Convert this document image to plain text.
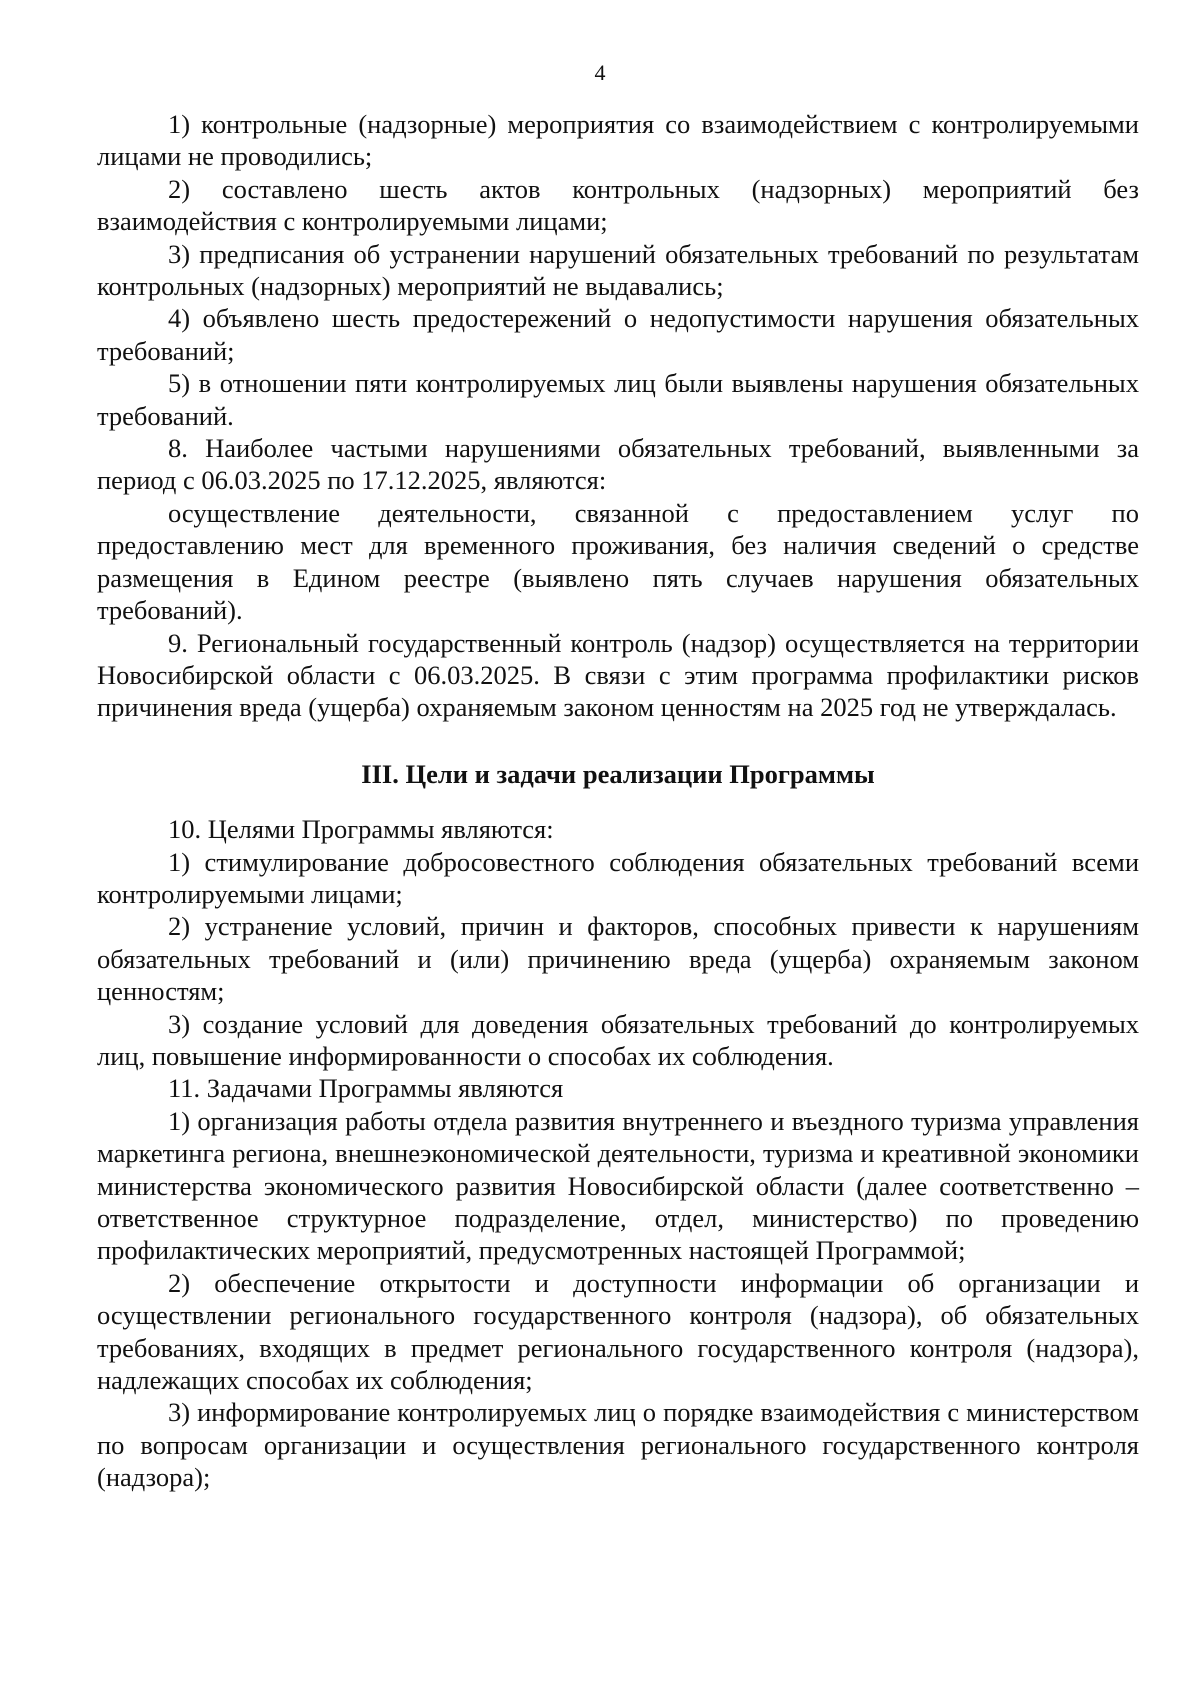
4

1) контрольные (надзорные) мероприятия со взаимодействием с контролируемыми лицами не проводились;

2) составлено шесть актов контрольных (надзорных) мероприятий без взаимодействия с контролируемыми лицами;

3) предписания об устранении нарушений обязательных требований по результатам контрольных (надзорных) мероприятий не выдавались;

4) объявлено шесть предостережений о недопустимости нарушения обязательных требований;

5) в отношении пяти контролируемых лиц были выявлены нарушения обязательных требований.

8. Наиболее частыми нарушениями обязательных требований, выявленными за период с 06.03.2025 по 17.12.2025, являются:

осуществление деятельности, связанной с предоставлением услуг по предоставлению мест для временного проживания, без наличия сведений о средстве размещения в Едином реестре (выявлено пять случаев нарушения обязательных требований).

9. Региональный государственный контроль (надзор) осуществляется на территории Новосибирской области с 06.03.2025. В связи с этим программа профилактики рисков причинения вреда (ущерба) охраняемым законом ценностям на 2025 год не утверждалась.

III. Цели и задачи реализации Программы

10. Целями Программы являются:

1) стимулирование добросовестного соблюдения обязательных требований всеми контролируемыми лицами;

2) устранение условий, причин и факторов, способных привести к нарушениям обязательных требований и (или) причинению вреда (ущерба) охраняемым законом ценностям;

3) создание условий для доведения обязательных требований до контролируемых лиц, повышение информированности о способах их соблюдения.

11. Задачами Программы являются

1) организация работы отдела развития внутреннего и въездного туризма управления маркетинга региона, внешнеэкономической деятельности, туризма и креативной экономики министерства экономического развития Новосибирской области (далее соответственно – ответственное структурное подразделение, отдел, министерство) по проведению профилактических мероприятий, предусмотренных настоящей Программой;

2) обеспечение открытости и доступности информации об организации и осуществлении регионального государственного контроля (надзора), об обязательных требованиях, входящих в предмет регионального государственного контроля (надзора), надлежащих способах их соблюдения;

3) информирование контролируемых лиц о порядке взаимодействия с министерством по вопросам организации и осуществления регионального государственного контроля (надзора);
